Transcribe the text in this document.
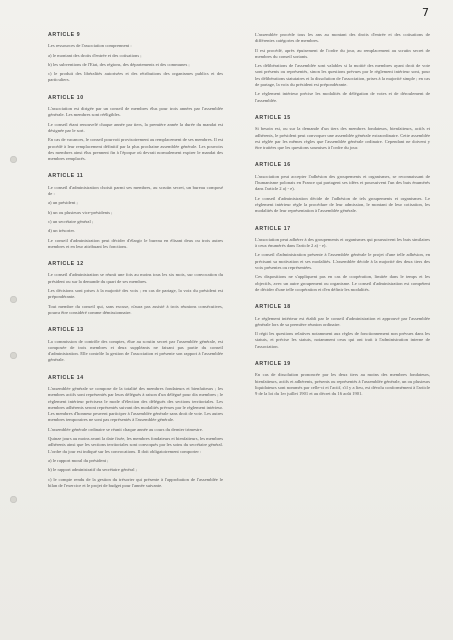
7
ARTICLE 9

Les ressources de l'association comprennent :

a) le montant des droits d'entrée et des cotisations ;

b) les subventions de l'Etat, des régions, des départements et des communes ;

c) le produit des libéralités autorisées et des rétributions des organismes publics et des particuliers.

ARTICLE 10

L'association est dirigée par un conseil de membres élus pour trois années par l'assemblée générale. Les membres sont rééligibles.

Le conseil étant renouvelé chaque année par tiers, la première année la durée du mandat est désignée par le sort.

En cas de vacances, le conseil pourvoit provisoirement au remplacement de ses membres. Il est procédé à leur remplacement définitif par la plus prochaine assemblée générale. Les pouvoirs des membres ainsi élus prennent fin à l'époque où devrait normalement expirer le mandat des membres remplacés.

ARTICLE 11

Le conseil d'administration choisit parmi ses membres, au scrutin secret, un bureau composé de :

a) un président ;

b) un ou plusieurs vice-présidents ;

c) un secrétaire général ;

d) un trésorier.

Le conseil d'administration peut décider d'élargir le bureau en élisant deux ou trois autres membres et en leur attribuant les fonctions.

ARTICLE 12

Le conseil d'administration se réunit une fois au moins tous les six mois, sur convocation du président ou sur la demande du quart de ses membres.

Les décisions sont prises à la majorité des voix ; en cas de partage, la voix du président est prépondérante.

Tout membre du conseil qui, sans excuse, n'aura pas assisté à trois réunions consécutives, pourra être considéré comme démissionnaire.

ARTICLE 13

La commission de contrôle des comptes, élue au scrutin secret par l'assemblée générale, est composée de trois membres et deux suppléants ne faisant pas partie du conseil d'administration. Elle contrôle la gestion de l'association et présente son rapport à l'assemblée générale.

ARTICLE 14

L'assemblée générale se compose de la totalité des membres fondateurs et bienfaiteurs ; les membres actifs sont représentés par leurs délégués à raison d'un délégué pour dix membres ; le règlement intérieur précisera le mode d'élection des délégués des sections territoriales. Les membres adhérents seront représentés suivant des modalités prévues par le règlement intérieur. Les membres d'honneur peuvent participer à l'assemblée générale sans droit de vote. Les autres membres temporaires ne sont pas représentés à l'assemblée générale.

L'assemblée générale ordinaire se réunit chaque année au cours du dernier trimestre.

Quinze jours au moins avant la date fixée, les membres fondateurs et bienfaiteurs, les membres adhérents ainsi que les sections territoriales sont convoqués par les soins du secrétaire général. L'ordre du jour est indiqué sur les convocations. Il doit obligatoirement comporter :

a) le rapport moral du président ;

b) le rapport administratif du secrétaire général ;

c) le compte rendu de la gestion du trésorier qui présente à l'approbation de l'assemblée le bilan de l'exercice et le projet de budget pour l'année suivante.

L'assemblée procède tous les ans au montant des droits d'entrée et des cotisations de différentes catégories de membres.

Il est procédé, après épuisement de l'ordre du jour, au remplacement au scrutin secret de membres du conseil sortants.

Les délibérations de l'assemblée sont valables si la moitié des membres ayant droit de vote sont présents ou représentés, sinon les questions prévues par le règlement intérieur sont, pour les délibérations statutaires et la dissolution de l'association, prises à la majorité simple ; en cas de partage, la voix du président est prépondérante.

Le règlement intérieur précise les modalités de délégation de votes et de déroulement de l'assemblée.

ARTICLE 15

Si besoin est, ou sur la demande d'un tiers des membres fondateurs, bienfaiteurs, actifs et adhérents, le président peut convoquer une assemblée générale extraordinaire. Cette assemblée est réglée par les mêmes règles que l'assemblée générale ordinaire. Cependant ne doivent y être traitées que les questions soumises à l'ordre du jour.

ARTICLE 16

L'association peut accepter l'adhésion des groupements et organismes, se reconnaissant de l'humanisme polonais en France qui partagent ses idées et poursuivent l'un des buts énumérés dans l'article 2 a) - e).

Le conseil d'administration décide de l'adhésion de tels groupements et organismes. Le règlement intérieur règle la procédure de leur admission, le montant de leur cotisation, les modalités de leur représentation à l'assemblée générale.

ARTICLE 17

L'association peut adhérer à des groupements et organismes qui poursuivent les buts similaires à ceux énumérés dans l'article 2 a) - e).

Le conseil d'administration présente à l'assemblée générale le projet d'une telle adhésion, en précisant sa motivation et ses modalités. L'assemblée décide à la majorité des deux tiers des voix présentes ou représentées.

Ces dispositions ne s'appliquent pas en cas de coopération, limitée dans le temps et les objectifs, avec un autre groupement ou organisme. Le conseil d'administration est compétent de décider d'une telle coopération et d'en définir les modalités.

ARTICLE 18

Le règlement intérieur est établi par le conseil d'administration et approuvé par l'assemblée générale lors de sa première réunion ordinaire.

Il régit les questions relatives notamment aux règles de fonctionnement non prévues dans les statuts, et précise les statuts, notamment ceux qui ont trait à l'administration interne de l'association.

ARTICLE 19

En cas de dissolution prononcée par les deux tiers au moins des membres fondateurs, bienfaiteurs, actifs et adhérents, présents ou représentés à l'assemblée générale, un ou plusieurs liquidateurs sont nommés par celle-ci et l'actif, s'il y a lieu, est dévolu conformément à l'article 9 de la loi du 1er juillet 1901 et au décret du 16 août 1901.
